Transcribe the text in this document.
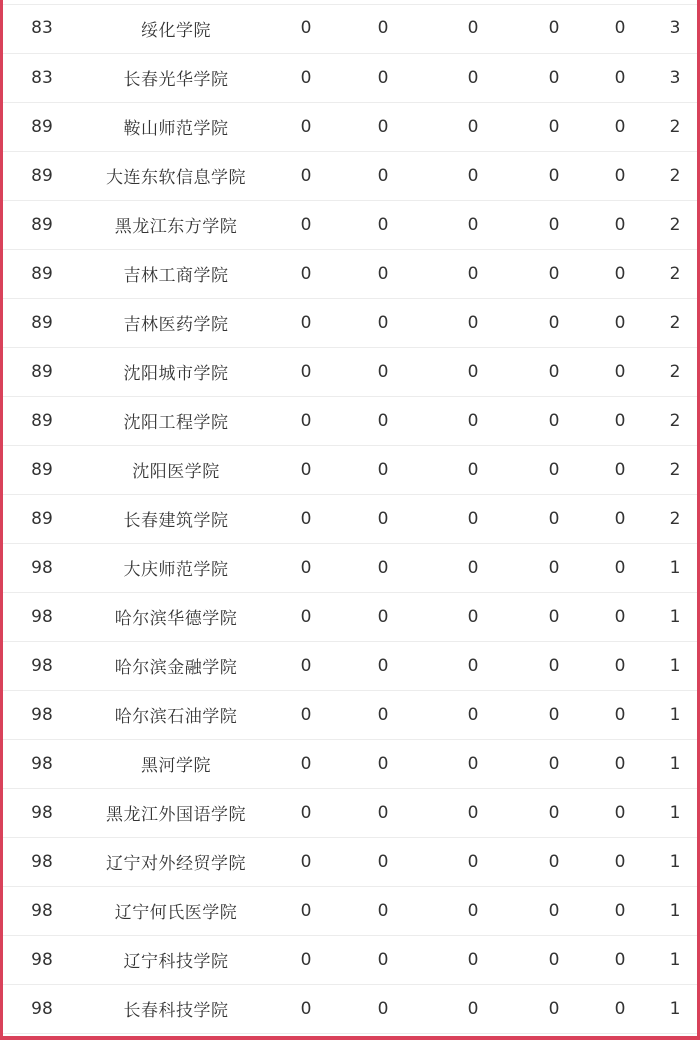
83	绥化学院	0	0	0	0	0	3
83	长春光华学院	0	0	0	0	0	3
89	鞍山师范学院	0	0	0	0	0	2
89	大连东软信息学院	0	0	0	0	0	2
89	黑龙江东方学院	0	0	0	0	0	2
89	吉林工商学院	0	0	0	0	0	2
89	吉林医药学院	0	0	0	0	0	2
89	沈阳城市学院	0	0	0	0	0	2
89	沈阳工程学院	0	0	0	0	0	2
89	沈阳医学院	0	0	0	0	0	2
89	长春建筑学院	0	0	0	0	0	2
98	大庆师范学院	0	0	0	0	0	1
98	哈尔滨华德学院	0	0	0	0	0	1
98	哈尔滨金融学院	0	0	0	0	0	1
98	哈尔滨石油学院	0	0	0	0	0	1
98	黑河学院	0	0	0	0	0	1
98	黑龙江外国语学院	0	0	0	0	0	1
98	辽宁对外经贸学院	0	0	0	0	0	1
98	辽宁何氏医学院	0	0	0	0	0	1
98	辽宁科技学院	0	0	0	0	0	1
98	长春科技学院	0	0	0	0	0	1
